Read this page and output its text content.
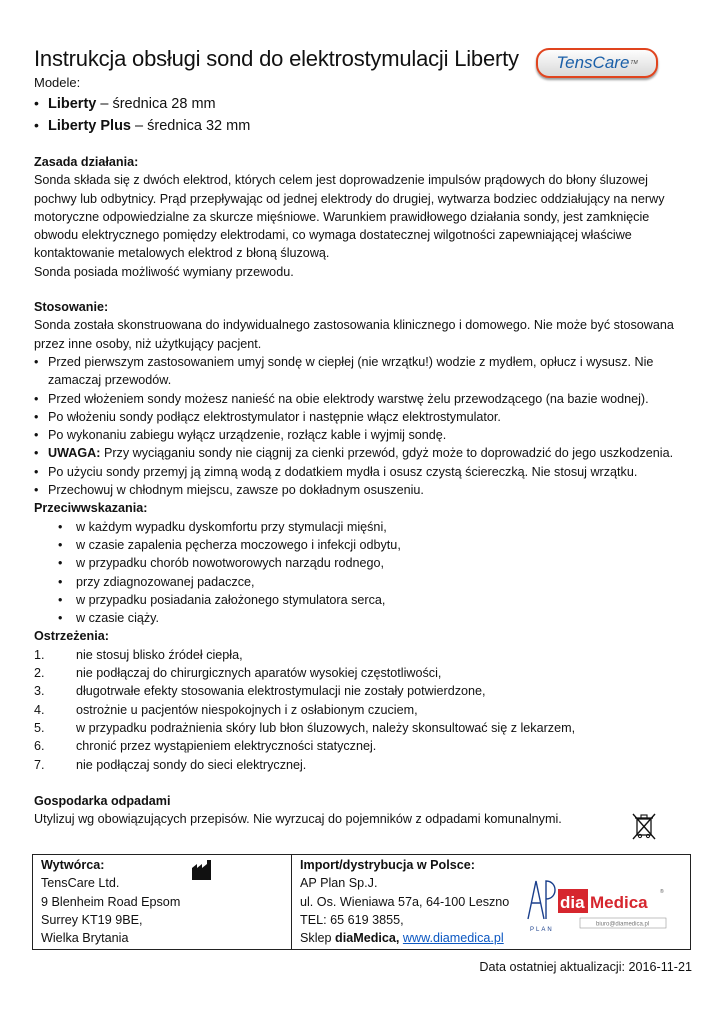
Instrukcja obsługi sond do elektrostymulacji Liberty
Modele:
• Liberty – średnica 28 mm
• Liberty Plus – średnica 32 mm
Zasada działania:

Sonda składa się z dwóch elektrod, których celem jest doprowadzenie impulsów prądowych do błony śluzowej pochwy lub odbytnicy. Prąd przepływając od jednej elektrody do drugiej, wytwarza bodziec oddziałujący na nerwy motoryczne odpowiedzialne za skurcze mięśniowe. Warunkiem prawidłowego działania sondy, jest zamknięcie obwodu elektrycznego pomiędzy elektrodami, co wymaga dostatecznej wilgotności zapewniającej właściwe kontaktowanie metalowych elektrod z błoną śluzową.

Sonda posiada możliwość wymiany przewodu.

Stosowanie:

Sonda została skonstruowana do indywidualnego zastosowania klinicznego i domowego. Nie może być stosowana przez inne osoby, niż użytkujący pacjent.

• Przed pierwszym zastosowaniem umyj sondę w ciepłej (nie wrzątku!) wodzie z mydłem, opłucz i wysusz. Nie zamaczaj przewodów.
• Przed włożeniem sondy możesz nanieść na obie elektrody warstwę żelu przewodzącego (na bazie wodnej).
• Po włożeniu sondy podłącz elektrostymulator i następnie włącz elektrostymulator.
• Po wykonaniu zabiegu wyłącz urządzenie, rozłącz kable i wyjmij sondę.
• UWAGA: Przy wyciąganiu sondy nie ciągnij za cienki przewód, gdyż może to doprowadzić do jego uszkodzenia.
• Po użyciu sondy przemyj ją zimną wodą z dodatkiem mydła i osusz czystą ściereczką. Nie stosuj wrzątku.
• Przechowuj w chłodnym miejscu, zawsze po dokładnym osuszeniu.
Przeciwwskazania:
• w każdym wypadku dyskomfortu przy stymulacji mięśni,
• w czasie zapalenia pęcherza moczowego i infekcji odbytu,
• w przypadku chorób nowotworowych narządu rodnego,
• przy zdiagnozowanej padaczce,
• w przypadku posiadania założonego stymulatora serca,
• w czasie ciąży.
Ostrzeżenia:
1. nie stosuj blisko źródeł ciepła,
2. nie podłączaj do chirurgicznych aparatów wysokiej częstotliwości,
3. długotrwałe efekty stosowania elektrostymulacji nie zostały potwierdzone,
4. ostrożnie u pacjentów niespokojnych i z osłabionym czuciem,
5. w przypadku podrażnienia skóry lub błon śluzowych, należy skonsultować się z lekarzem,
6. chronić przez wystąpieniem elektryczności statycznej.
7. nie podłączaj sondy do sieci elektrycznej.
Gospodarka odpadami

Utylizuj wg obowiązujących przepisów. Nie wyrzucaj do pojemników z odpadami komunalnymi.

TensCare TM
Wytwórca:
TensCare Ltd.
9 Blenheim Road Epsom
Surrey KT19 9BE,
Wielka Brytania

Import/dystrybucja w Polsce:
AP Plan Sp.J.
ul. Os. Wieniawa 57a, 64-100 Leszno
TEL: 65 619 3855,
Sklep diaMedica, www.diamedica.pl
PLAN
dia Medica
®
biuro@diamedica.pl
Data ostatniej aktualizacji: 2016-11-21
